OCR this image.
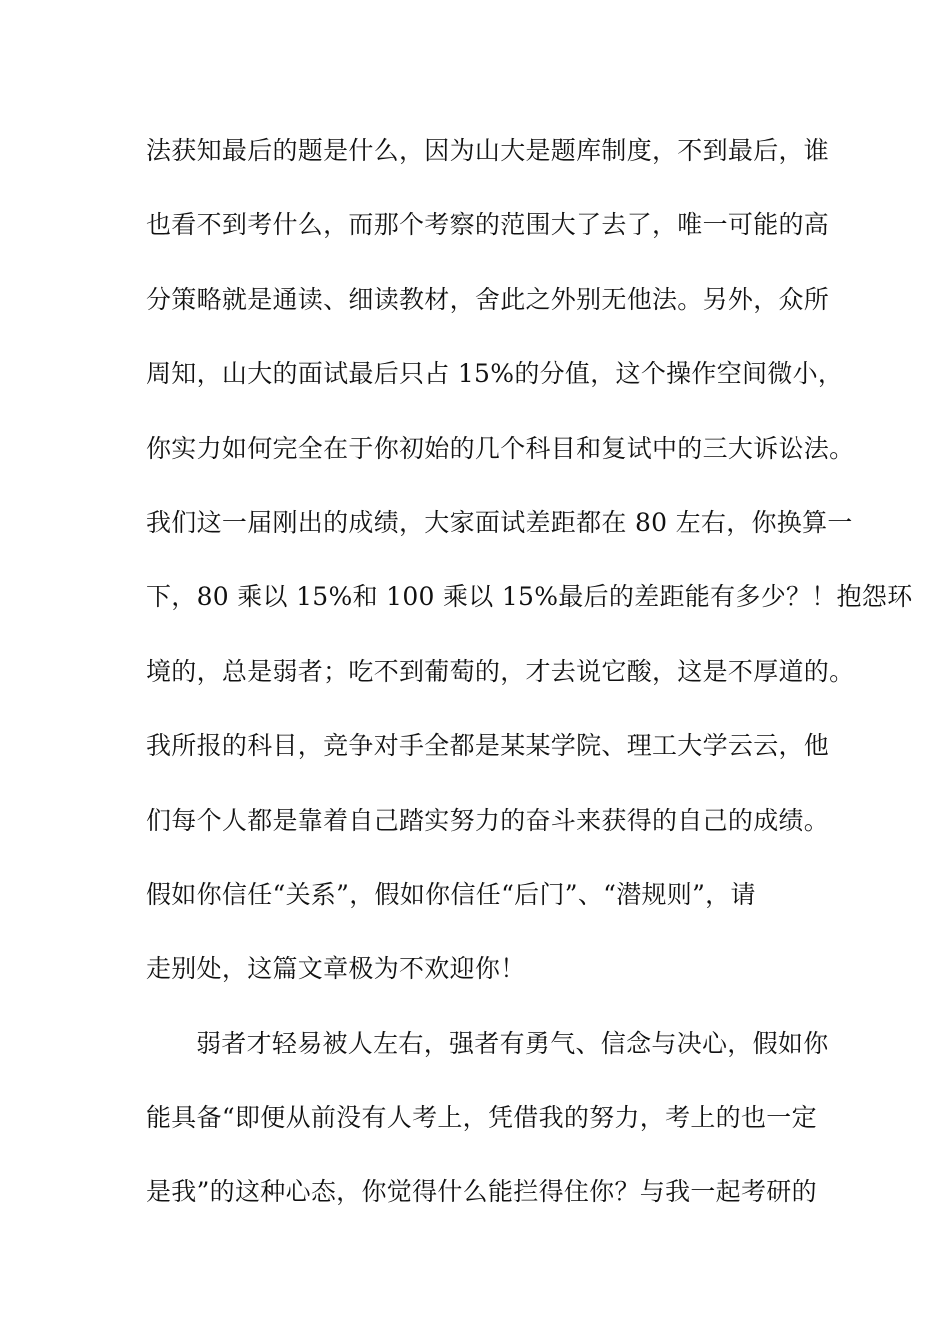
法获知最后的题是什么，因为山大是题库制度，不到最后，谁
也看不到考什么，而那个考察的范围大了去了，唯一可能的高
分策略就是通读、细读教材，舍此之外别无他法。另外，众所
周知，山大的面试最后只占 15%的分值，这个操作空间微小，
你实力如何完全在于你初始的几个科目和复试中的三大诉讼法。
我们这一届刚出的成绩，大家面试差距都在 80 左右，你换算一
下，80 乘以 15%和 100 乘以 15%最后的差距能有多少？！抱怨环
境的，总是弱者；吃不到葡萄的，才去说它酸，这是不厚道的。
我所报的科目，竞争对手全都是某某学院、理工大学云云，他
们每个人都是靠着自己踏实努力的奋斗来获得的自己的成绩。
假如你信任“关系”，假如你信任“后门”、“潜规则”，请
走别处，这篇文章极为不欢迎你！
弱者才轻易被人左右，强者有勇气、信念与决心，假如你
能具备“即便从前没有人考上，凭借我的努力，考上的也一定
是我”的这种心态，你觉得什么能拦得住你？与我一起考研的
